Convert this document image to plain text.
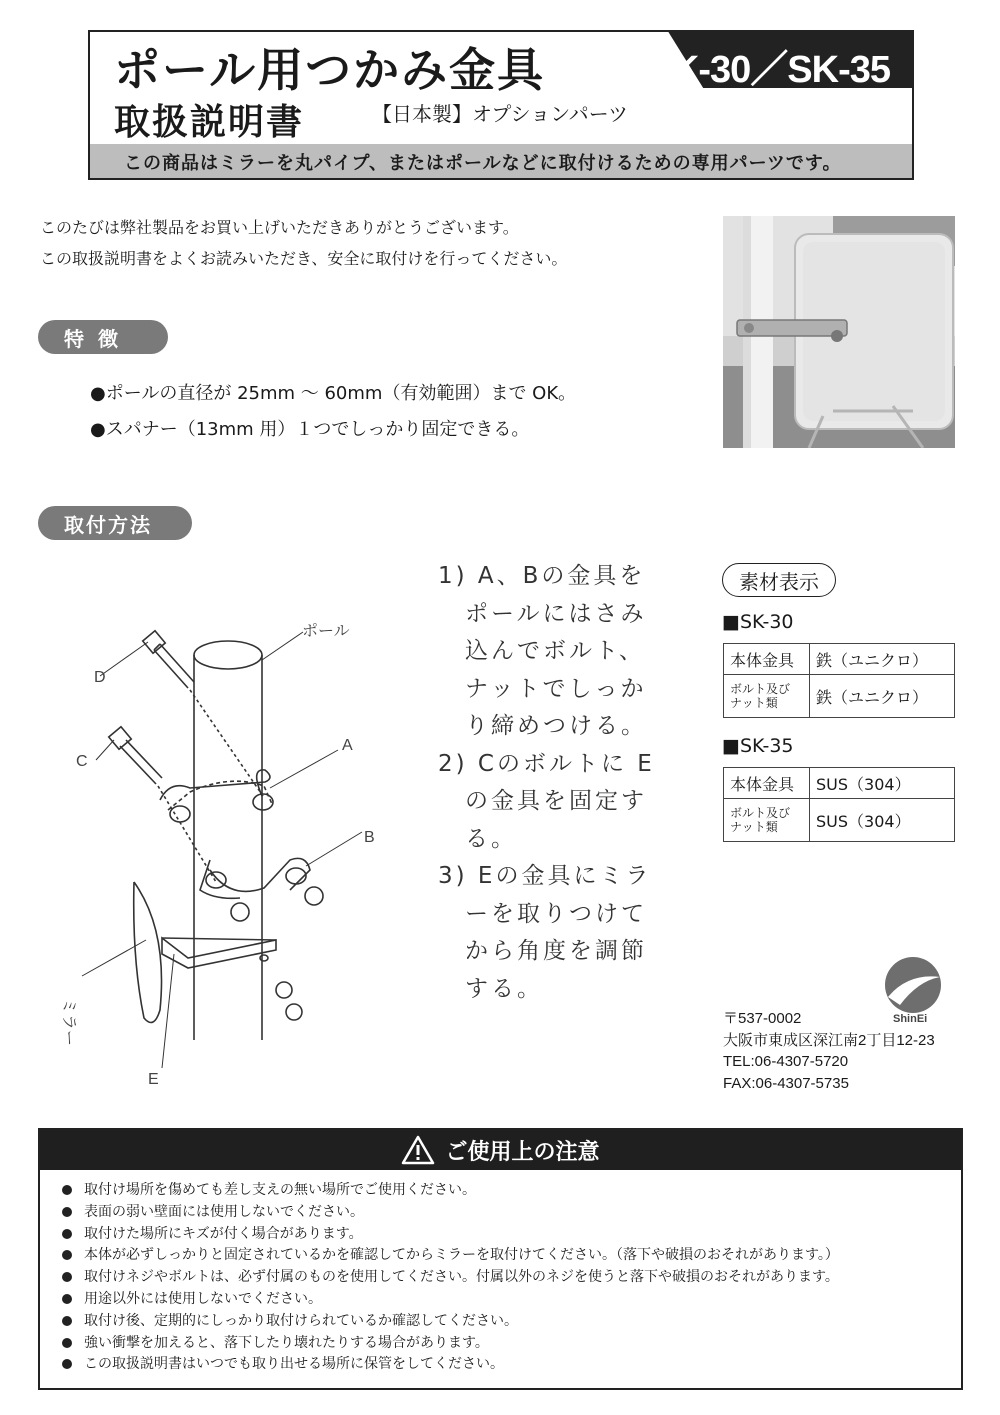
ポール用つかみ金具
取扱説明書	【日本製】オプションパーツ
SK-30／SK-35
この商品はミラーを丸パイプ、またはポールなどに取付けるための専用パーツです。
このたびは弊社製品をお買い上げいただきありがとうございます。
この取扱説明書をよくお読みいただき、安全に取付けを行ってください。
特徴
●ポールの直径が 25mm ～ 60mm（有効範囲）まで OK。
●スパナー（13mm 用）１つでしっかり固定できる。
取付方法
ポール
A
B
C
D
E
ミラー
1) A、Bの金具を
ポールにはさみ
込んでボルト、
ナットでしっか
り締めつける。
2) Cのボルトに E
の金具を固定す
る。
3) Eの金具にミラ
ーを取りつけて
から角度を調節
する。
素材表示
■SK-30
本体金具	鉄（ユニクロ）

ボルト及び
ナット類	鉄（ユニクロ）
■SK-35
本体金具	SUS（304）

ボルト及び
ナット類	SUS（304）
ShinEi
〒537-0002
大阪市東成区深江南2丁目12-23
TEL:06-4307-5720
FAX:06-4307-5735
ご使用上の注意
取付け場所を傷めても差し支えの無い場所でご使用ください。
表面の弱い壁面には使用しないでください。
取付けた場所にキズが付く場合があります。
本体が必ずしっかりと固定されているかを確認してからミラーを取付けてください。（落下や破損のおそれがあります。）
取付けネジやボルトは、必ず付属のものを使用してください。付属以外のネジを使うと落下や破損のおそれがあります。
用途以外には使用しないでください。
取付け後、定期的にしっかり取付けられているか確認してください。
強い衝撃を加えると、落下したり壊れたりする場合があります。
この取扱説明書はいつでも取り出せる場所に保管をしてください。
